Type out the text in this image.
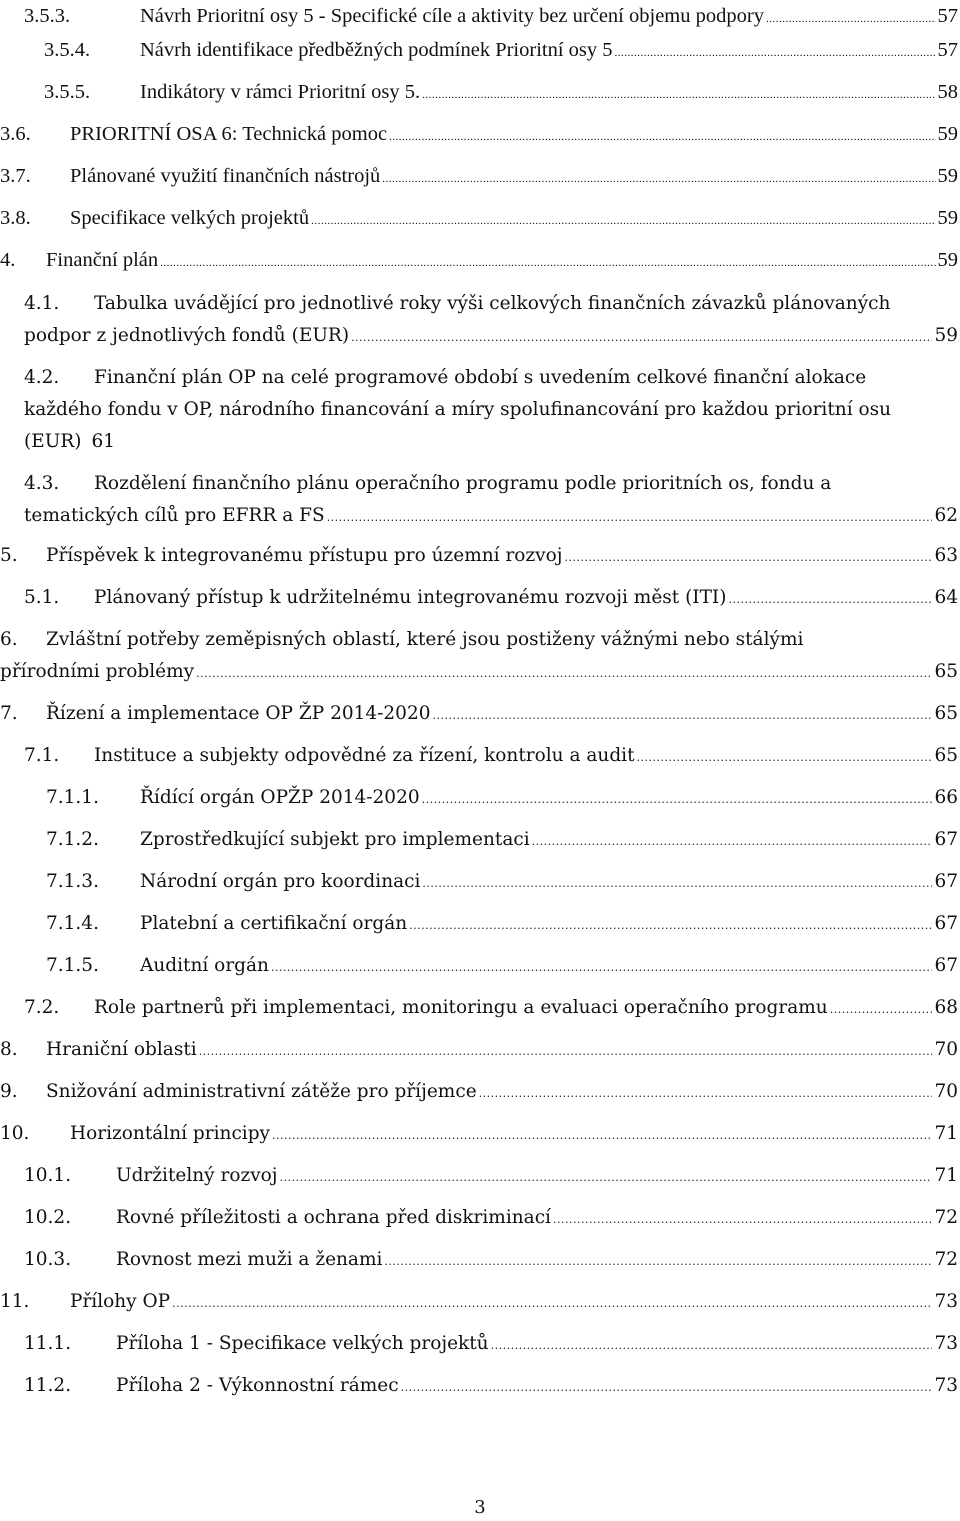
3.5.3.	Návrh Prioritní osy 5 - Specifické cíle a aktivity bez určení objemu podpory .....	57
3.5.4.	Návrh identifikace předběžných podmínek Prioritní osy 5 .....	57
3.5.5.	Indikátory v rámci Prioritní osy 5. .....	58
3.6.	PRIORITNÍ OSA 6: Technická pomoc .....	59
3.7.	Plánované využití finančních nástrojů .....	59
3.8.	Specifikace velkých projektů .....	59
4.	Finanční plán .....	59
4.1. Tabulka uvádějící pro jednotlivé roky výši celkových finančních závazků plánovaných
podpor z jednotlivých fondů (EUR) .....	59
4.2. Finanční plán OP na celé programové období s uvedením celkové finanční alokace
každého fondu v OP, národního financování a míry spolufinancování pro každou prioritní osu
(EUR) 61
4.3. Rozdělení finančního plánu operačního programu podle prioritních os, fondu a
tematických cílů pro EFRR a FS .....	62
5.	Příspěvek k integrovanému přístupu pro územní rozvoj .....	63
5.1.	Plánovaný přístup k udržitelnému integrovanému rozvoji měst (ITI) .....	64
6. Zvláštní potřeby zeměpisných oblastí, které jsou postiženy vážnými nebo stálými
přírodními problémy .....	65
7.	Řízení a implementace OP ŽP 2014-2020 .....	65
7.1.	Instituce a subjekty odpovědné za řízení, kontrolu a audit .....	65
7.1.1.	Řídící orgán OPŽP 2014-2020 .....	66
7.1.2.	Zprostředkující subjekt pro implementaci .....	67
7.1.3.	Národní orgán pro koordinaci .....	67
7.1.4.	Platební a certifikační orgán .....	67
7.1.5.	Auditní orgán .....	67
7.2.	Role partnerů při implementaci, monitoringu a evaluaci operačního programu .....	68
8.	Hraniční oblasti .....	70
9.	Snižování administrativní zátěže pro příjemce .....	70
10.	Horizontální principy .....	71
10.1.	Udržitelný rozvoj .....	71
10.2.	Rovné příležitosti a ochrana před diskriminací .....	72
10.3.	Rovnost mezi muži a ženami .....	72
11.	Přílohy OP .....	73
11.1.	Příloha 1 - Specifikace velkých projektů .....	73
11.2.	Příloha 2 - Výkonnostní rámec .....	73
3
